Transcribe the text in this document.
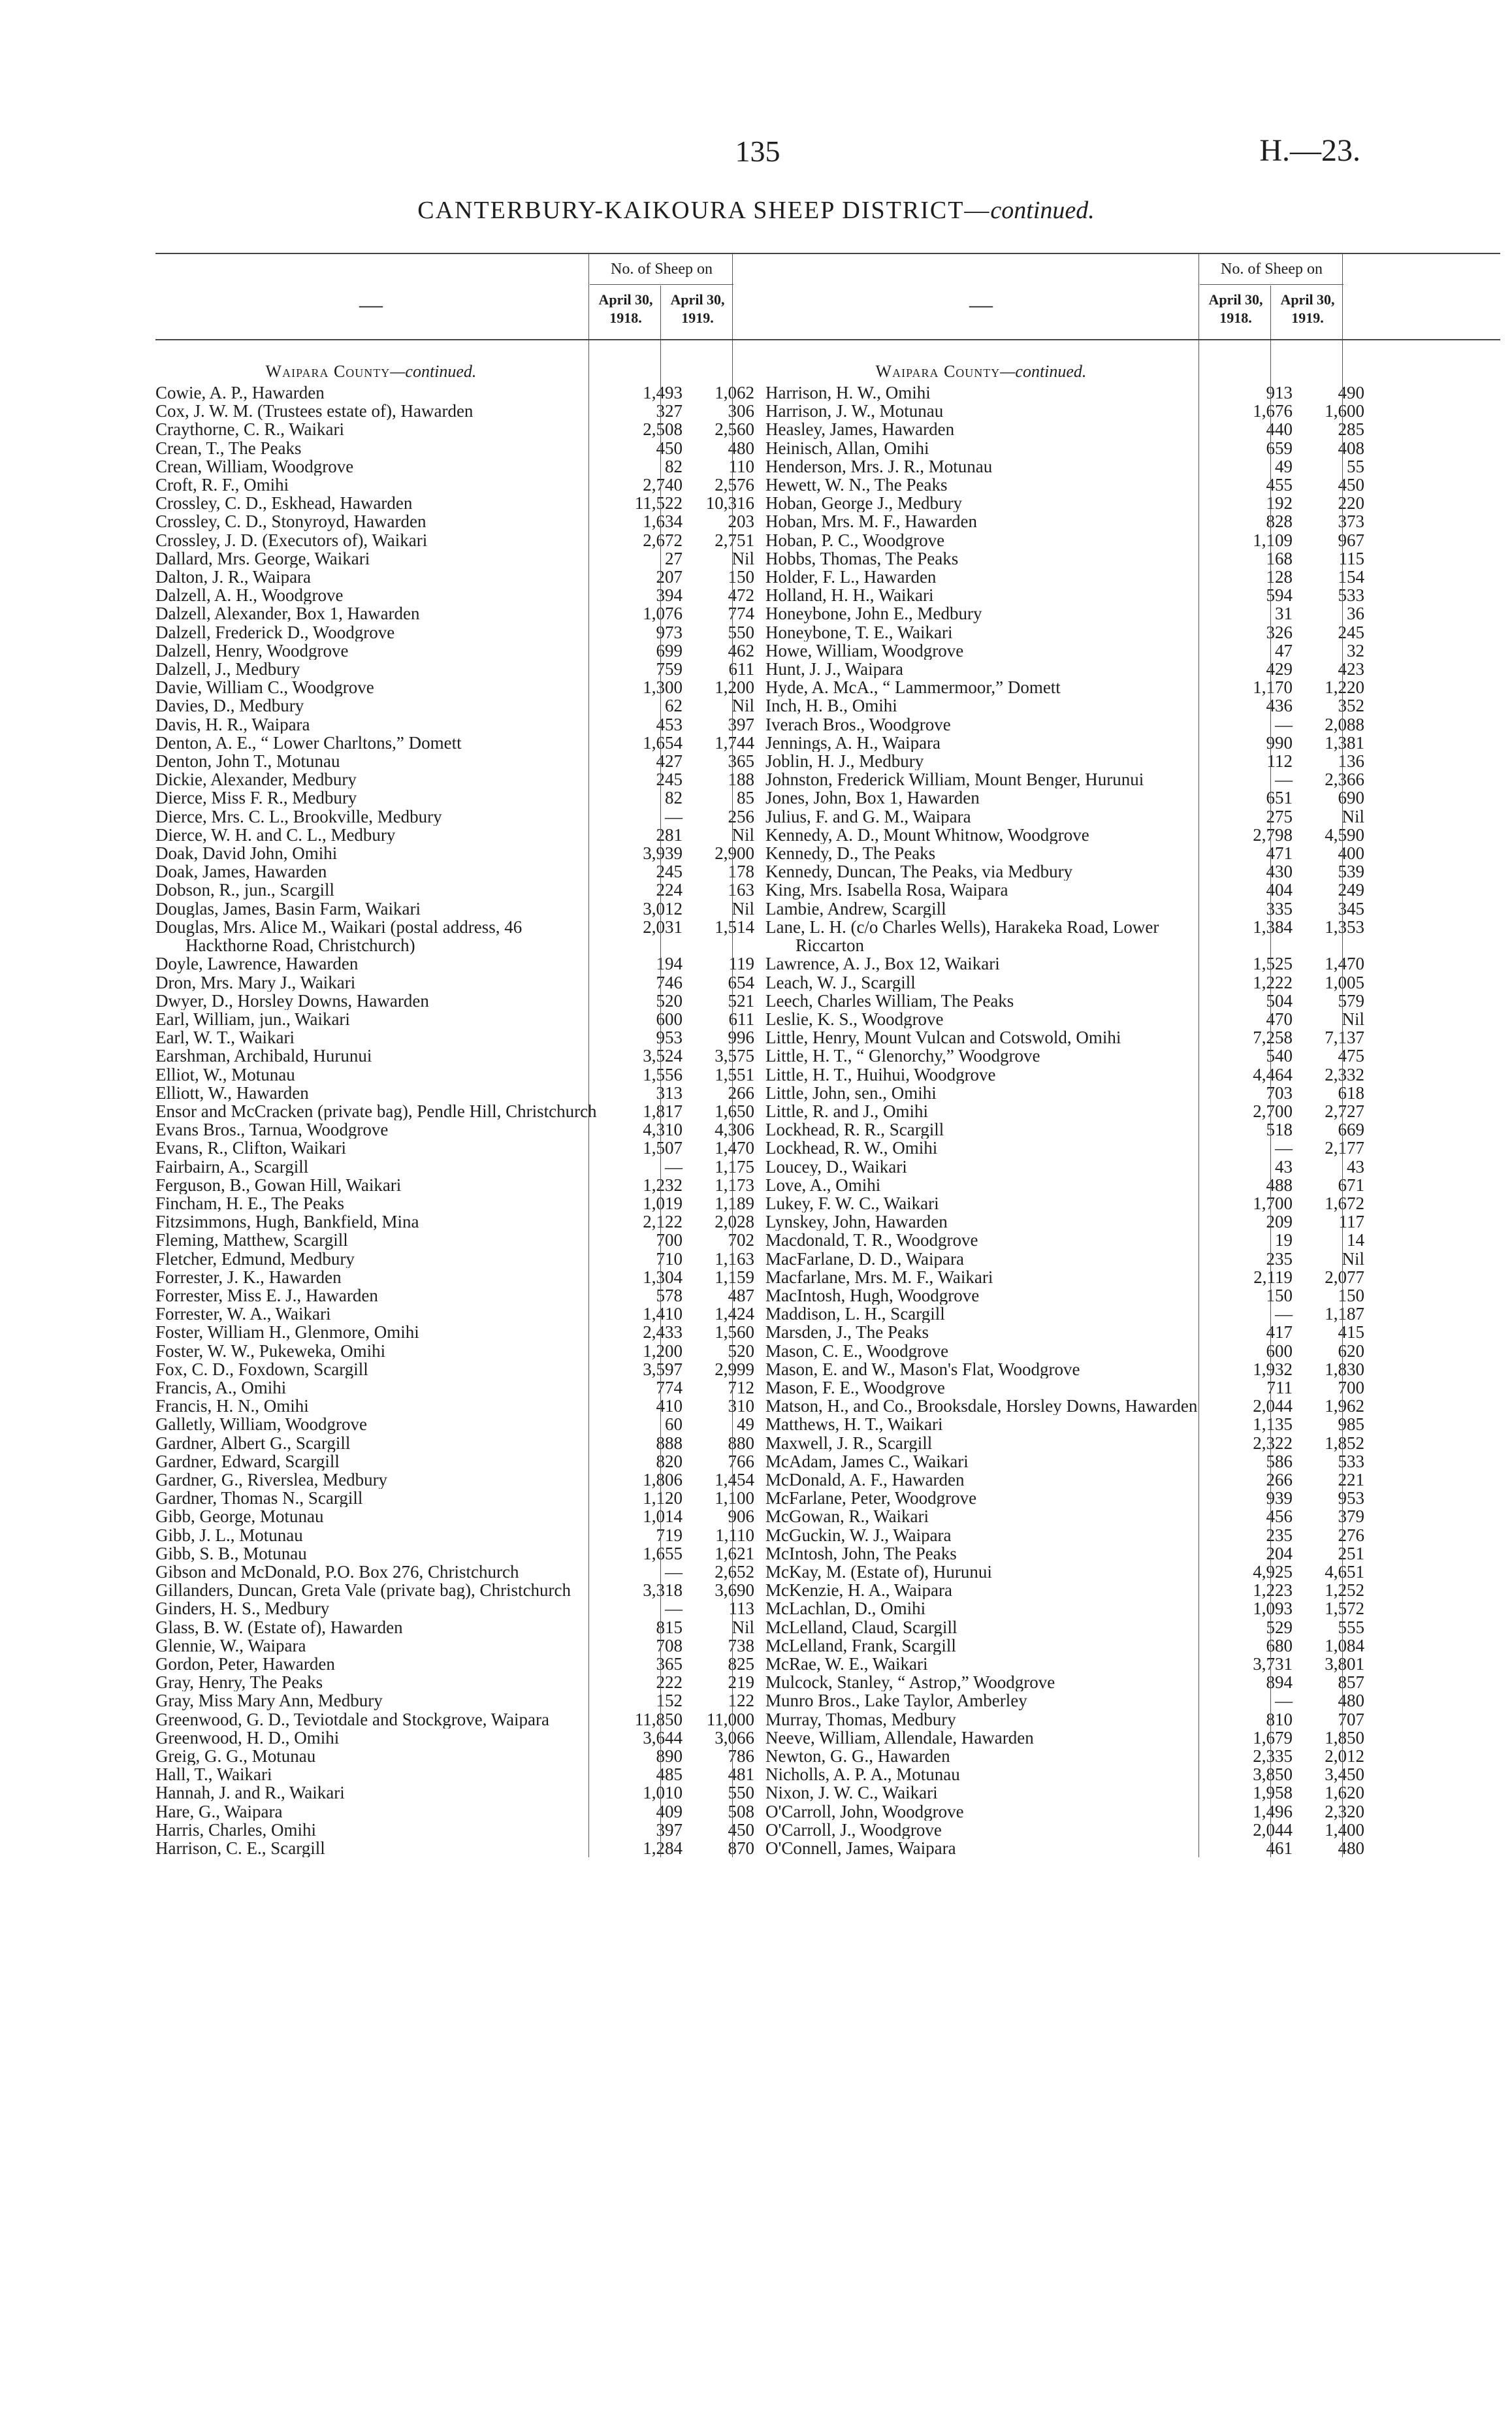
135	H.—23.
CANTERBURY-KAIKOURA SHEEP DISTRICT—continued.
—
No. of Sheep on
April 30, 1918.
April 30, 1919.
Waipara County—continued.
Cowie, A. P., Hawarden	1,493	1,062
Cox, J. W. M. (Trustees estate of), Hawarden	327	306
Craythorne, C. R., Waikari	2,508	2,560
Crean, T., The Peaks	450	480
Crean, William, Woodgrove	82	110
Croft, R. F., Omihi	2,740	2,576
Crossley, C. D., Eskhead, Hawarden	11,522	10,316
Crossley, C. D., Stonyroyd, Hawarden	1,634	203
Crossley, J. D. (Executors of), Waikari	2,672	2,751
Dallard, Mrs. George, Waikari	27	Nil
Dalton, J. R., Waipara	207	150
Dalzell, A. H., Woodgrove	394	472
Dalzell, Alexander, Box 1, Hawarden	1,076	774
Dalzell, Frederick D., Woodgrove	973	550
Dalzell, Henry, Woodgrove	699	462
Dalzell, J., Medbury	759	611
Davie, William C., Woodgrove	1,300	1,200
Davies, D., Medbury	62	Nil
Davis, H. R., Waipara	453	397
Denton, A. E., “ Lower Charltons,” Domett	1,654	1,744
Denton, John T., Motunau	427	365
Dickie, Alexander, Medbury	245	188
Dierce, Miss F. R., Medbury	82	85
Dierce, Mrs. C. L., Brookville, Medbury	—	256
Dierce, W. H. and C. L., Medbury	281	Nil
Doak, David John, Omihi	3,939	2,900
Doak, James, Hawarden	245	178
Dobson, R., jun., Scargill	224	163
Douglas, James, Basin Farm, Waikari	3,012	Nil
Douglas, Mrs. Alice M., Waikari (postal address, 46 Hackthorne Road, Christchurch)
2,031	1,514
Doyle, Lawrence, Hawarden	194	119
Dron, Mrs. Mary J., Waikari	746	654
Dwyer, D., Horsley Downs, Hawarden	520	521
Earl, William, jun., Waikari	600	611
Earl, W. T., Waikari	953	996
Earshman, Archibald, Hurunui	3,524	3,575
Elliot, W., Motunau	1,556	1,551
Elliott, W., Hawarden	313	266
Ensor and McCracken (private bag), Pendle Hill, Christchurch	1,817	1,650
Evans Bros., Tarnua, Woodgrove	4,310	4,306
Evans, R., Clifton, Waikari	1,507	1,470
Fairbairn, A., Scargill	—	1,175
Ferguson, B., Gowan Hill, Waikari	1,232	1,173
Fincham, H. E., The Peaks	1,019	1,189
Fitzsimmons, Hugh, Bankfield, Mina	2,122	2,028
Fleming, Matthew, Scargill	700	702
Fletcher, Edmund, Medbury	710	1,163
Forrester, J. K., Hawarden	1,304	1,159
Forrester, Miss E. J., Hawarden	578	487
Forrester, W. A., Waikari	1,410	1,424
Foster, William H., Glenmore, Omihi	2,433	1,560
Foster, W. W., Pukeweka, Omihi	1,200	520
Fox, C. D., Foxdown, Scargill	3,597	2,999
Francis, A., Omihi	774	712
Francis, H. N., Omihi	410	310
Galletly, William, Woodgrove	60	49
Gardner, Albert G., Scargill	888	880
Gardner, Edward, Scargill	820	766
Gardner, G., Riverslea, Medbury	1,806	1,454
Gardner, Thomas N., Scargill	1,120	1,100
Gibb, George, Motunau	1,014	906
Gibb, J. L., Motunau	719	1,110
Gibb, S. B., Motunau	1,655	1,621
Gibson and McDonald, P.O. Box 276, Christchurch	—	2,652
Gillanders, Duncan, Greta Vale (private bag), Christchurch	3,318	3,690
Ginders, H. S., Medbury	—	113
Glass, B. W. (Estate of), Hawarden	815	Nil
Glennie, W., Waipara	708	738
Gordon, Peter, Hawarden	365	825
Gray, Henry, The Peaks	222	219
Gray, Miss Mary Ann, Medbury	152	122
Greenwood, G. D., Teviotdale and Stockgrove, Waipara	11,850	11,000
Greenwood, H. D., Omihi	3,644	3,066
Greig, G. G., Motunau	890	786
Hall, T., Waikari	485	481
Hannah, J. and R., Waikari	1,010	550
Hare, G., Waipara	409	508
Harris, Charles, Omihi	397	450
Harrison, C. E., Scargill	1,284	870
—
No. of Sheep on
April 30, 1918.
April 30, 1919.
Waipara County—continued.
Harrison, H. W., Omihi	913	490
Harrison, J. W., Motunau	1,676	1,600
Heasley, James, Hawarden	440	285
Heinisch, Allan, Omihi	659	408
Henderson, Mrs. J. R., Motunau	49	55
Hewett, W. N., The Peaks	455	450
Hoban, George J., Medbury	192	220
Hoban, Mrs. M. F., Hawarden	828	373
Hoban, P. C., Woodgrove	1,109	967
Hobbs, Thomas, The Peaks	168	115
Holder, F. L., Hawarden	128	154
Holland, H. H., Waikari	594	533
Honeybone, John E., Medbury	31	36
Honeybone, T. E., Waikari	326	245
Howe, William, Woodgrove	47	32
Hunt, J. J., Waipara	429	423
Hyde, A. McA., “ Lammermoor,” Domett	1,170	1,220
Inch, H. B., Omihi	436	352
Iverach Bros., Woodgrove	—	2,088
Jennings, A. H., Waipara	990	1,381
Joblin, H. J., Medbury	112	136
Johnston, Frederick William, Mount Benger, Hurunui	—	2,366
Jones, John, Box 1, Hawarden	651	690
Julius, F. and G. M., Waipara	275	Nil
Kennedy, A. D., Mount Whitnow, Woodgrove	2,798	4,590
Kennedy, D., The Peaks	471	400
Kennedy, Duncan, The Peaks, via Medbury	430	539
King, Mrs. Isabella Rosa, Waipara	404	249
Lambie, Andrew, Scargill	335	345
Lane, L. H. (c/o Charles Wells), Harakeka Road, Lower Riccarton
1,384	1,353
Lawrence, A. J., Box 12, Waikari	1,525	1,470
Leach, W. J., Scargill	1,222	1,005
Leech, Charles William, The Peaks	504	579
Leslie, K. S., Woodgrove	470	Nil
Little, Henry, Mount Vulcan and Cotswold, Omihi	7,258	7,137
Little, H. T., “ Glenorchy,” Woodgrove	540	475
Little, H. T., Huihui, Woodgrove	4,464	2,332
Little, John, sen., Omihi	703	618
Little, R. and J., Omihi	2,700	2,727
Lockhead, R. R., Scargill	518	669
Lockhead, R. W., Omihi	—	2,177
Loucey, D., Waikari	43	43
Love, A., Omihi	488	671
Lukey, F. W. C., Waikari	1,700	1,672
Lynskey, John, Hawarden	209	117
Macdonald, T. R., Woodgrove	19	14
MacFarlane, D. D., Waipara	235	Nil
Macfarlane, Mrs. M. F., Waikari	2,119	2,077
MacIntosh, Hugh, Woodgrove	150	150
Maddison, L. H., Scargill	—	1,187
Marsden, J., The Peaks	417	415
Mason, C. E., Woodgrove	600	620
Mason, E. and W., Mason's Flat, Woodgrove	1,932	1,830
Mason, F. E., Woodgrove	711	700
Matson, H., and Co., Brooksdale, Horsley Downs, Hawarden	2,044	1,962
Matthews, H. T., Waikari	1,135	985
Maxwell, J. R., Scargill	2,322	1,852
McAdam, James C., Waikari	586	533
McDonald, A. F., Hawarden	266	221
McFarlane, Peter, Woodgrove	939	953
McGowan, R., Waikari	456	379
McGuckin, W. J., Waipara	235	276
McIntosh, John, The Peaks	204	251
McKay, M. (Estate of), Hurunui	4,925	4,651
McKenzie, H. A., Waipara	1,223	1,252
McLachlan, D., Omihi	1,093	1,572
McLelland, Claud, Scargill	529	555
McLelland, Frank, Scargill	680	1,084
McRae, W. E., Waikari	3,731	3,801
Mulcock, Stanley, “ Astrop,” Woodgrove	894	857
Munro Bros., Lake Taylor, Amberley	—	480
Murray, Thomas, Medbury	810	707
Neeve, William, Allendale, Hawarden	1,679	1,850
Newton, G. G., Hawarden	2,335	2,012
Nicholls, A. P. A., Motunau	3,850	3,450
Nixon, J. W. C., Waikari	1,958	1,620
O'Carroll, John, Woodgrove	1,496	2,320
O'Carroll, J., Woodgrove	2,044	1,400
O'Connell, James, Waipara	461	480
